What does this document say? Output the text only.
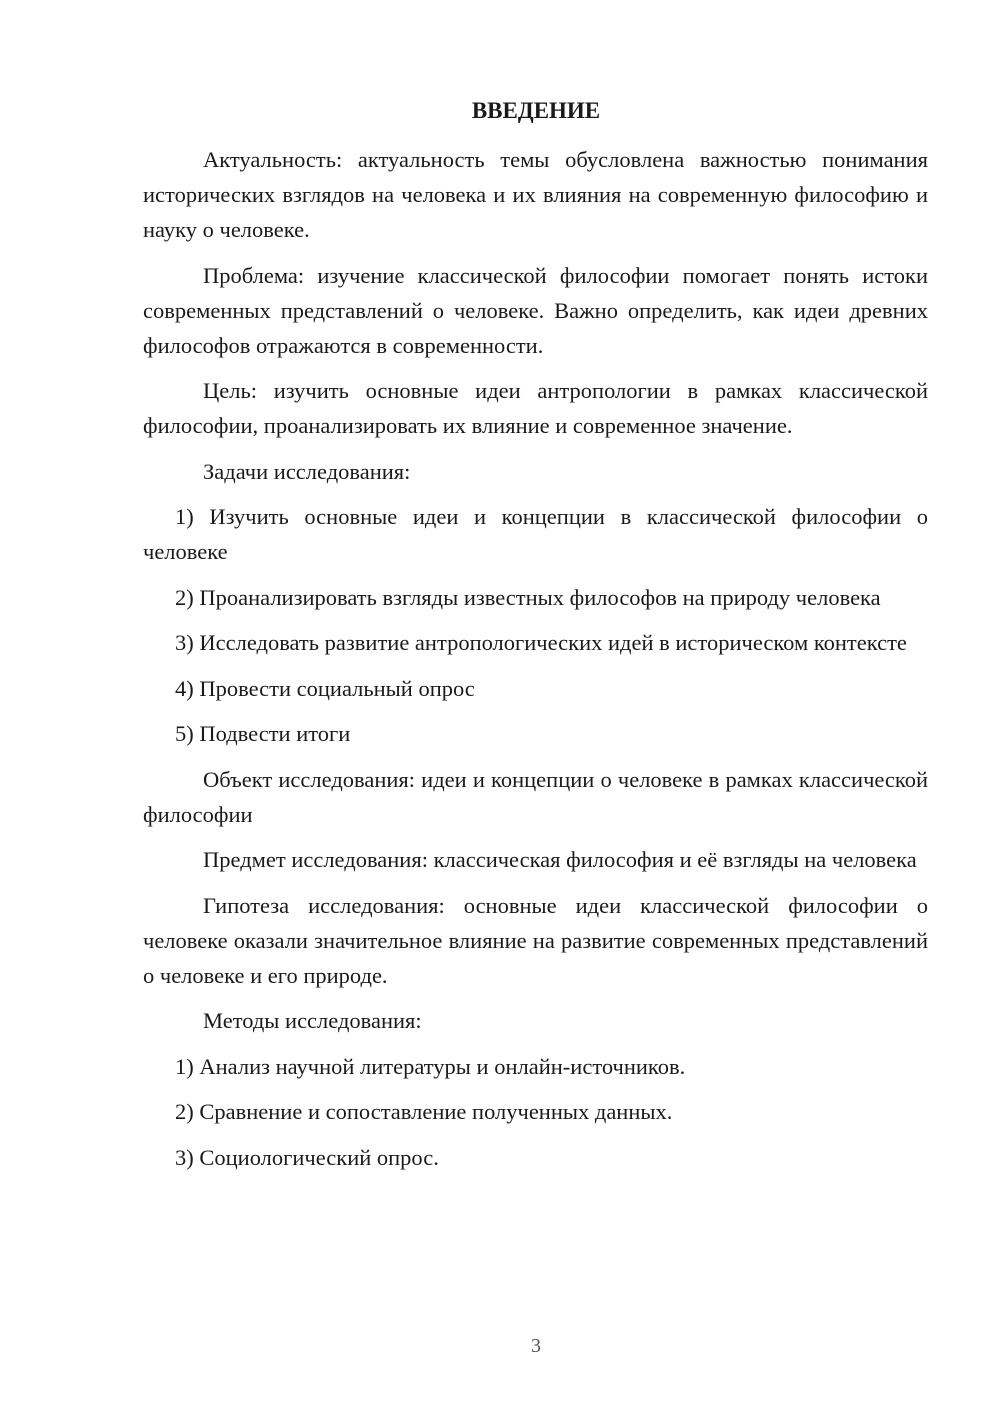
ВВЕДЕНИЕ

Актуальность: актуальность темы обусловлена важностью понимания исторических взглядов на человека и их влияния на современную философию и науку о человеке.

Проблема: изучение классической философии помогает понять истоки современных представлений о человеке. Важно определить, как идеи древних философов отражаются в современности.

Цель: изучить основные идеи антропологии в рамках классической философии, проанализировать их влияние и современное значение.

Задачи исследования:

1) Изучить основные идеи и концепции в классической философии о человеке

2) Проанализировать взгляды известных философов на природу человека

3) Исследовать развитие антропологических идей в историческом контексте

4) Провести социальный опрос

5) Подвести итоги

Объект исследования: идеи и концепции о человеке в рамках классической философии

Предмет исследования: классическая философия и её взгляды на человека

Гипотеза исследования: основные идеи классической философии о человеке оказали значительное влияние на развитие современных представлений о человеке и его природе.

Методы исследования:

1) Анализ научной литературы и онлайн-источников.

2) Сравнение и сопоставление полученных данных.

3) Социологический опрос.

3
